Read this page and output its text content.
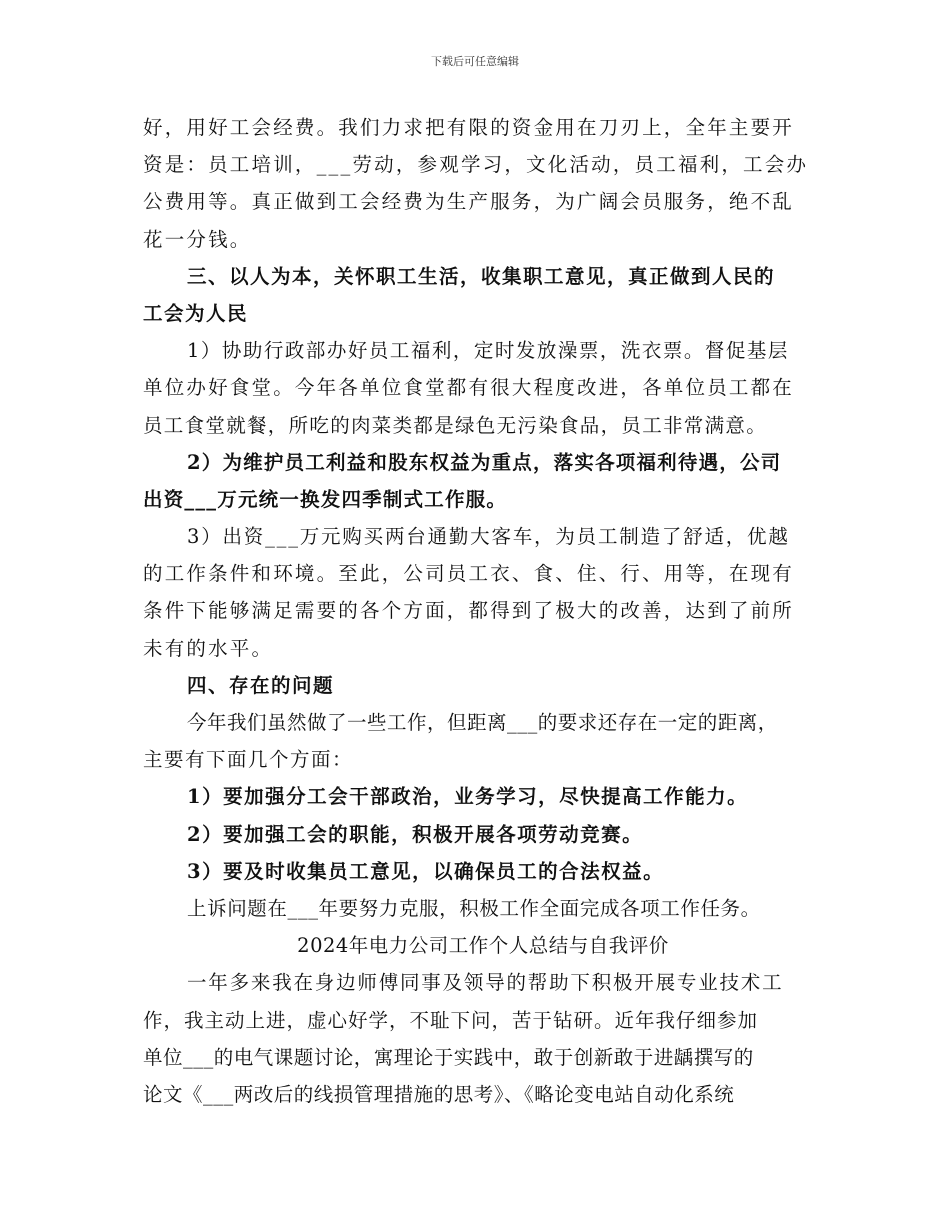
下载后可任意编辑
好，用好工会经费。我们力求把有限的资金用在刀刃上，全年主要开
资是：员工培训，___劳动，参观学习，文化活动，员工福利，工会办
公费用等。真正做到工会经费为生产服务，为广阔会员服务，绝不乱
花一分钱。
三、以人为本，关怀职工生活，收集职工意见，真正做到人民的
工会为人民
1）协助行政部办好员工福利，定时发放澡票，洗衣票。督促基层
单位办好食堂。今年各单位食堂都有很大程度改进，各单位员工都在
员工食堂就餐，所吃的肉菜类都是绿色无污染食品，员工非常满意。
2）为维护员工利益和股东权益为重点，落实各项福利待遇，公司
出资___万元统一换发四季制式工作服。
3）出资___万元购买两台通勤大客车，为员工制造了舒适，优越
的工作条件和环境。至此，公司员工衣、食、住、行、用等，在现有
条件下能够满足需要的各个方面，都得到了极大的改善，达到了前所
未有的水平。
四、存在的问题
今年我们虽然做了一些工作，但距离___的要求还存在一定的距离，
主要有下面几个方面：
1）要加强分工会干部政治，业务学习，尽快提高工作能力。
2）要加强工会的职能，积极开展各项劳动竞赛。
3）要及时收集员工意见，以确保员工的合法权益。
上诉问题在___年要努力克服，积极工作全面完成各项工作任务。
2024年电力公司工作个人总结与自我评价
一年多来我在身边师傅同事及领导的帮助下积极开展专业技术工
作，我主动上进，虚心好学，不耻下问，苦于钻研。近年我仔细参加
单位___的电气课题讨论，寓理论于实践中，敢于创新敢于进龋撰写的
论文《___两改后的线损管理措施的思考》、《略论变电站自动化系统
